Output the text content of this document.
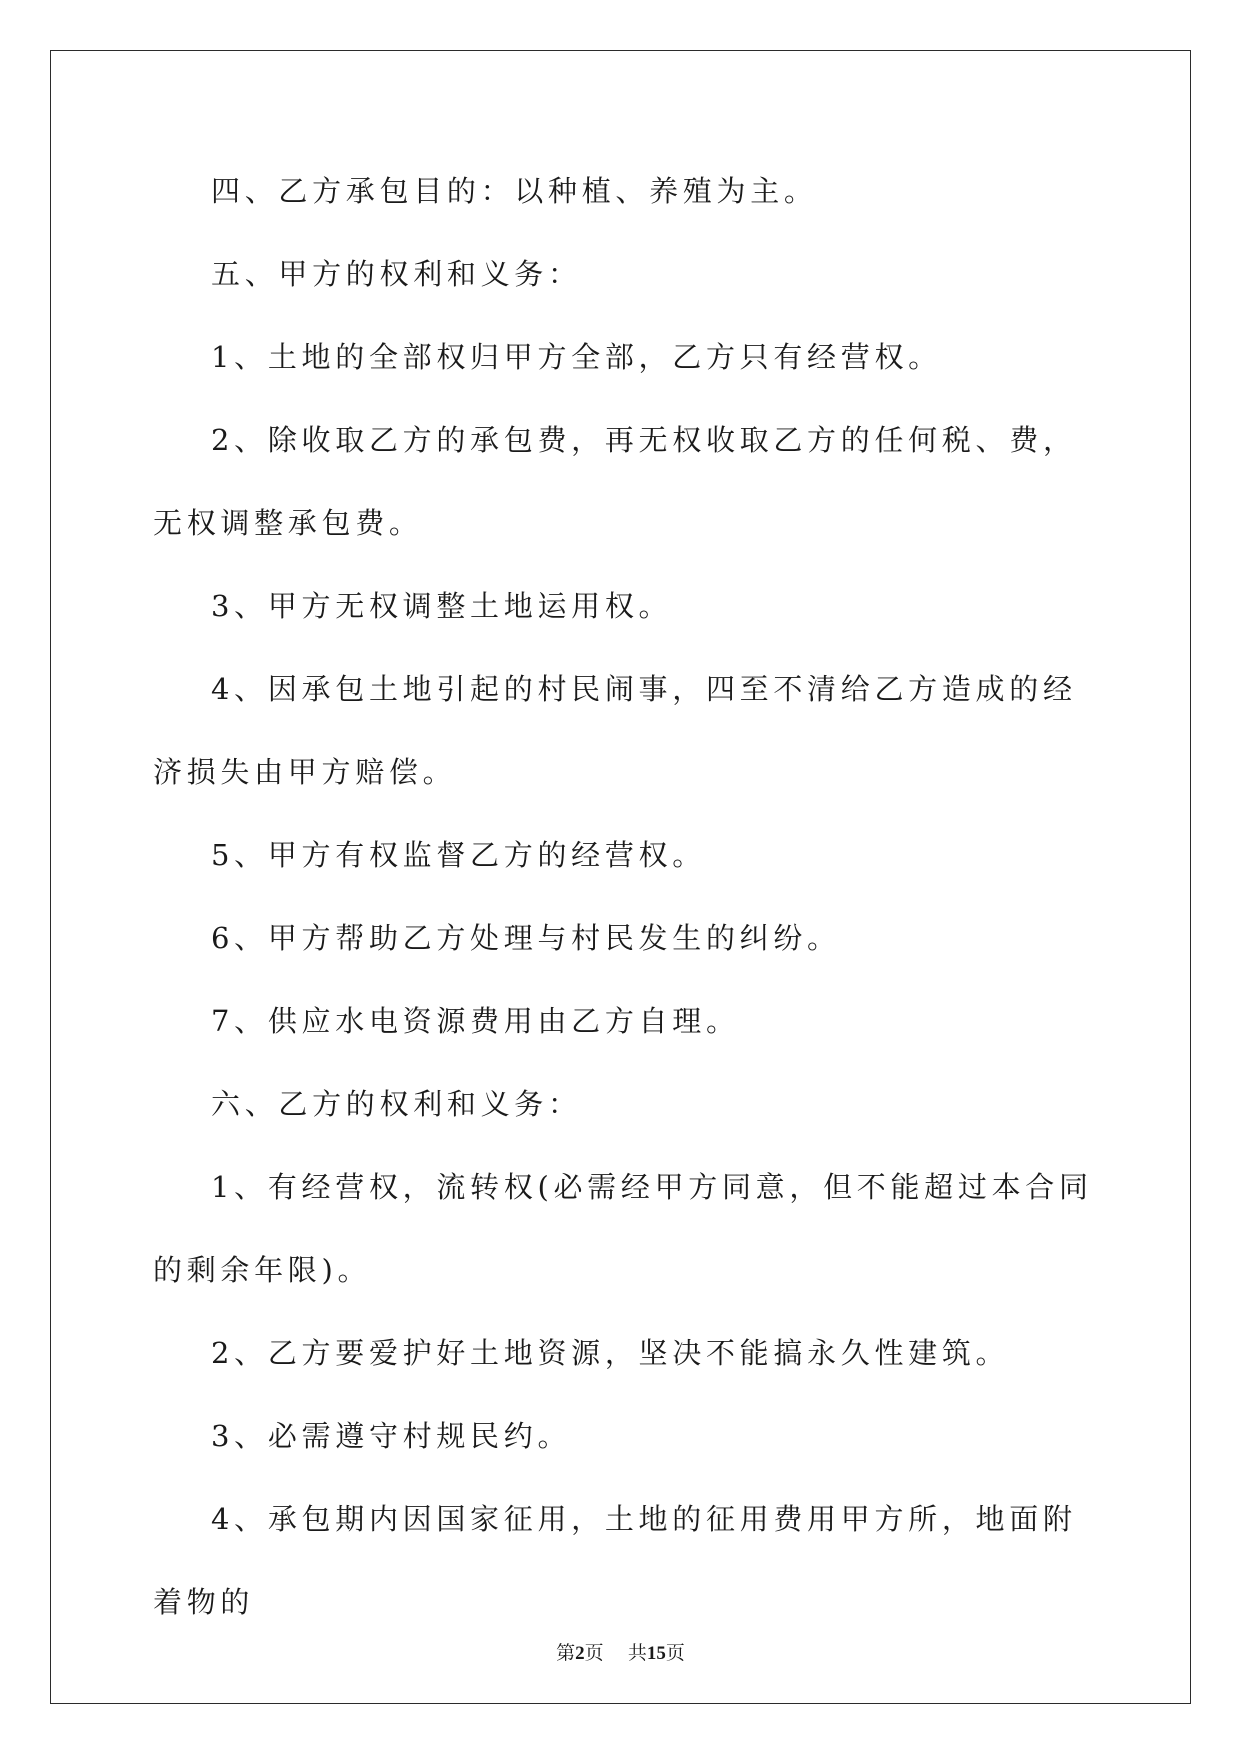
四、乙方承包目的：以种植、养殖为主。

五、甲方的权利和义务：

1、土地的全部权归甲方全部，乙方只有经营权。

2、除收取乙方的承包费，再无权收取乙方的任何税、费，无权调整承包费。

3、甲方无权调整土地运用权。

4、因承包土地引起的村民闹事，四至不清给乙方造成的经济损失由甲方赔偿。

5、甲方有权监督乙方的经营权。

6、甲方帮助乙方处理与村民发生的纠纷。

7、供应水电资源费用由乙方自理。

六、乙方的权利和义务：

1、有经营权，流转权(必需经甲方同意，但不能超过本合同的剩余年限)。

2、乙方要爱护好土地资源，坚决不能搞永久性建筑。

3、必需遵守村规民约。

4、承包期内因国家征用，土地的征用费用甲方所，地面附着物的

第2页 共15页
